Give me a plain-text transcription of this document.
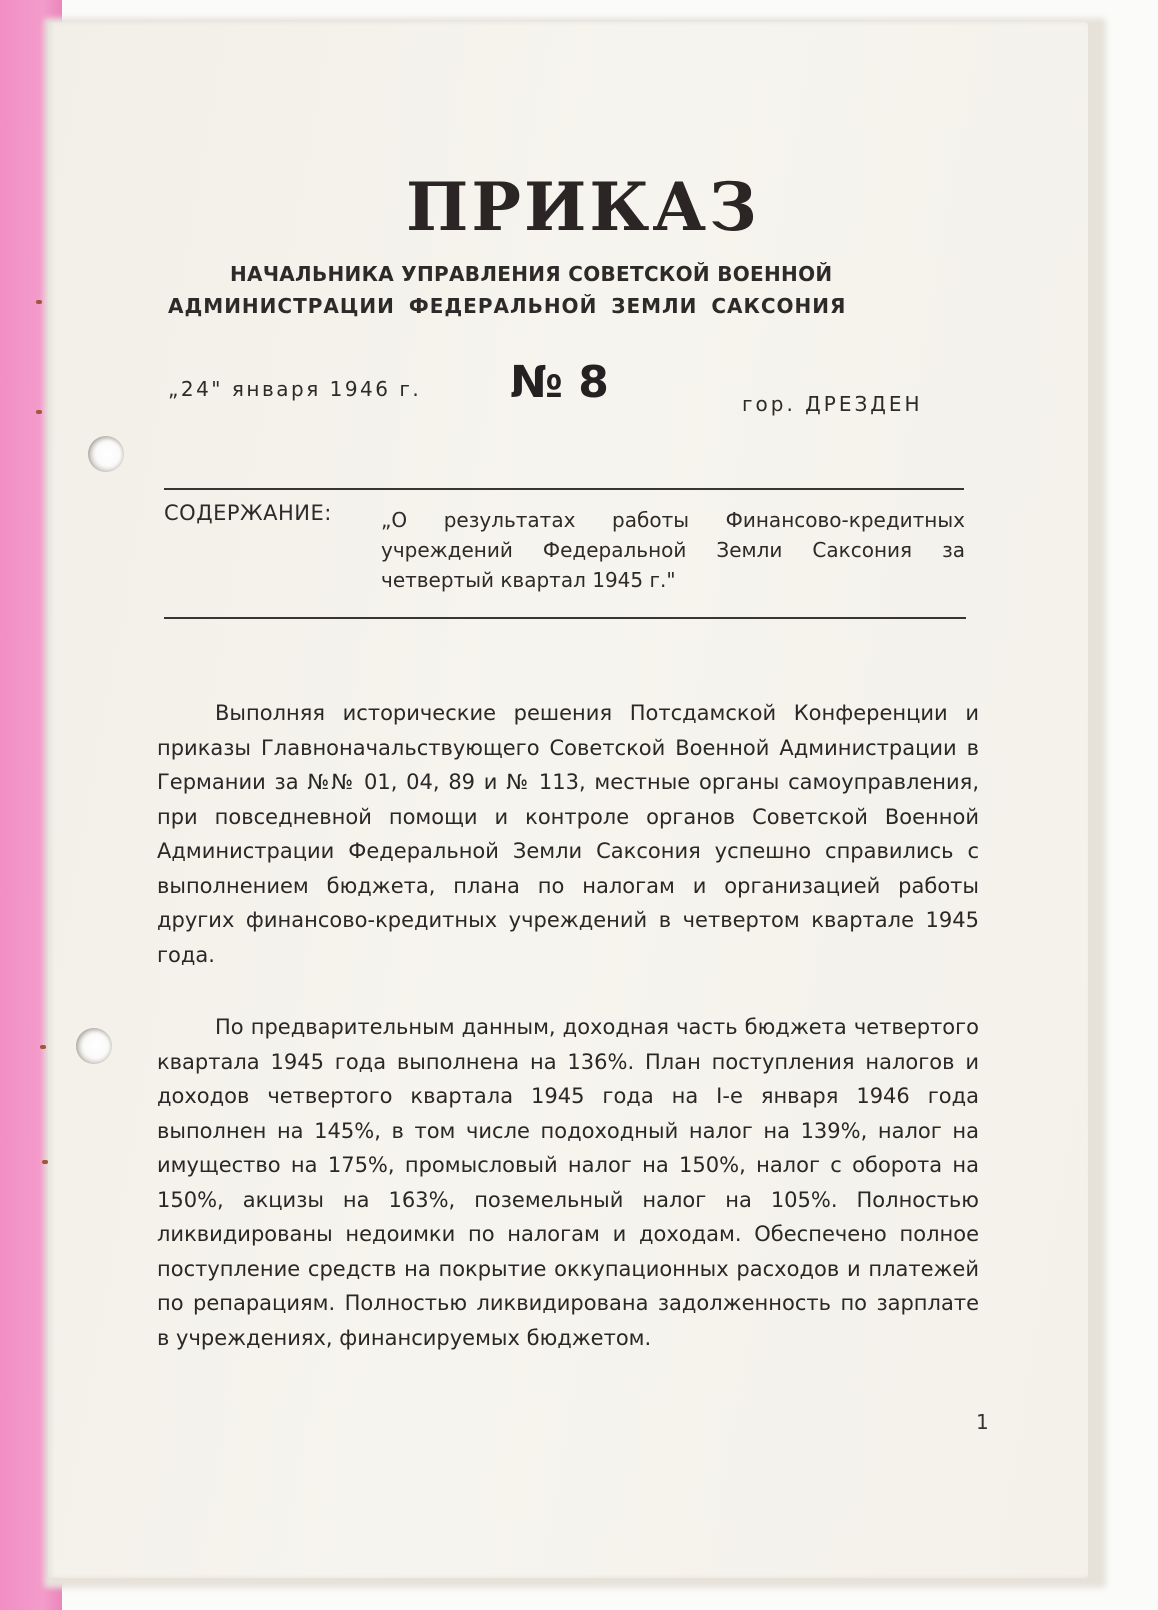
ПРИКАЗ

НАЧАЛЬНИКА УПРАВЛЕНИЯ СОВЕТСКОЙ ВОЕННОЙ

АДМИНИСТРАЦИИ ФЕДЕРАЛЬНОЙ ЗЕМЛИ САКСОНИЯ

„24" января 1946 г. № 8	гор. ДРЕЗДЕН
СОДЕРЖАНИЕ: „О результатах работы Финансово-кредитных учреждений Федеральной Земли Саксония за четвертый квартал 1945 г."

Выполняя исторические решения Потсдамской Конференции и приказы Главноначальствующего Советской Военной Администрации в Германии за №№ 01, 04, 89 и № 113, местные органы самоуправления, при повседневной помощи и контроле органов Советской Военной Администрации Федеральной Земли Саксония успешно справились с выполнением бюджета, плана по налогам и организацией работы других финансово-кредитных учреждений в четвертом квартале 1945 года.

По предварительным данным, доходная часть бюджета четвертого квартала 1945 года выполнена на 136%. План поступления налогов и доходов четвертого квартала 1945 года на I-е января 1946 года выполнен на 145%, в том числе подоходный налог на 139%, налог на имущество на 175%, промысловый налог на 150%, налог с оборота на 150%, акцизы на 163%, поземельный налог на 105%. Полностью ликвидированы недоимки по налогам и доходам. Обеспечено полное поступление средств на покрытие оккупационных расходов и платежей по репарациям. Полностью ликвидирована задолженность по зарплате в учреждениях, финансируемых бюджетом.

1
